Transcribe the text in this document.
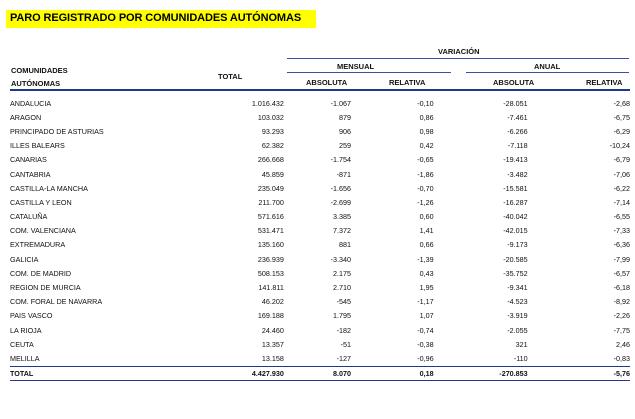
PARO REGISTRADO POR COMUNIDADES AUTÓNOMAS
VARIACIÓN
MENSUAL	ANUAL
COMUNIDADES
AUTÓNOMAS
TOTAL
ABSOLUTA	RELATIVA	ABSOLUTA	RELATIVA
ANDALUCIA	1.016.432	-1.067	-0,10	-28.051	-2,68
ARAGON	103.032	879	0,86	-7.461	-6,75
PRINCIPADO DE ASTURIAS	93.293	906	0,98	-6.266	-6,29
ILLES BALEARS	62.382	259	0,42	-7.118	-10,24
CANARIAS	266.668	-1.754	-0,65	-19.413	-6,79
CANTABRIA	45.859	-871	-1,86	-3.482	-7,06
CASTILLA-LA MANCHA	235.049	-1.656	-0,70	-15.581	-6,22
CASTILLA Y LEON	211.700	-2.699	-1,26	-16.287	-7,14
CATALUÑA	571.616	3.385	0,60	-40.042	-6,55
COM. VALENCIANA	531.471	7.372	1,41	-42.015	-7,33
EXTREMADURA	135.160	881	0,66	-9.173	-6,36
GALICIA	236.939	-3.340	-1,39	-20.585	-7,99
COM. DE MADRID	508.153	2.175	0,43	-35.752	-6,57
REGION DE MURCIA	141.811	2.710	1,95	-9.341	-6,18
COM. FORAL DE NAVARRA	46.202	-545	-1,17	-4.523	-8,92
PAIS VASCO	169.188	1.795	1,07	-3.919	-2,26
LA RIOJA	24.460	-182	-0,74	-2.055	-7,75
CEUTA	13.357	-51	-0,38	321	2,46
MELILLA	13.158	-127	-0,96	-110	-0,83
TOTAL	4.427.930	8.070	0,18	-270.853	-5,76
